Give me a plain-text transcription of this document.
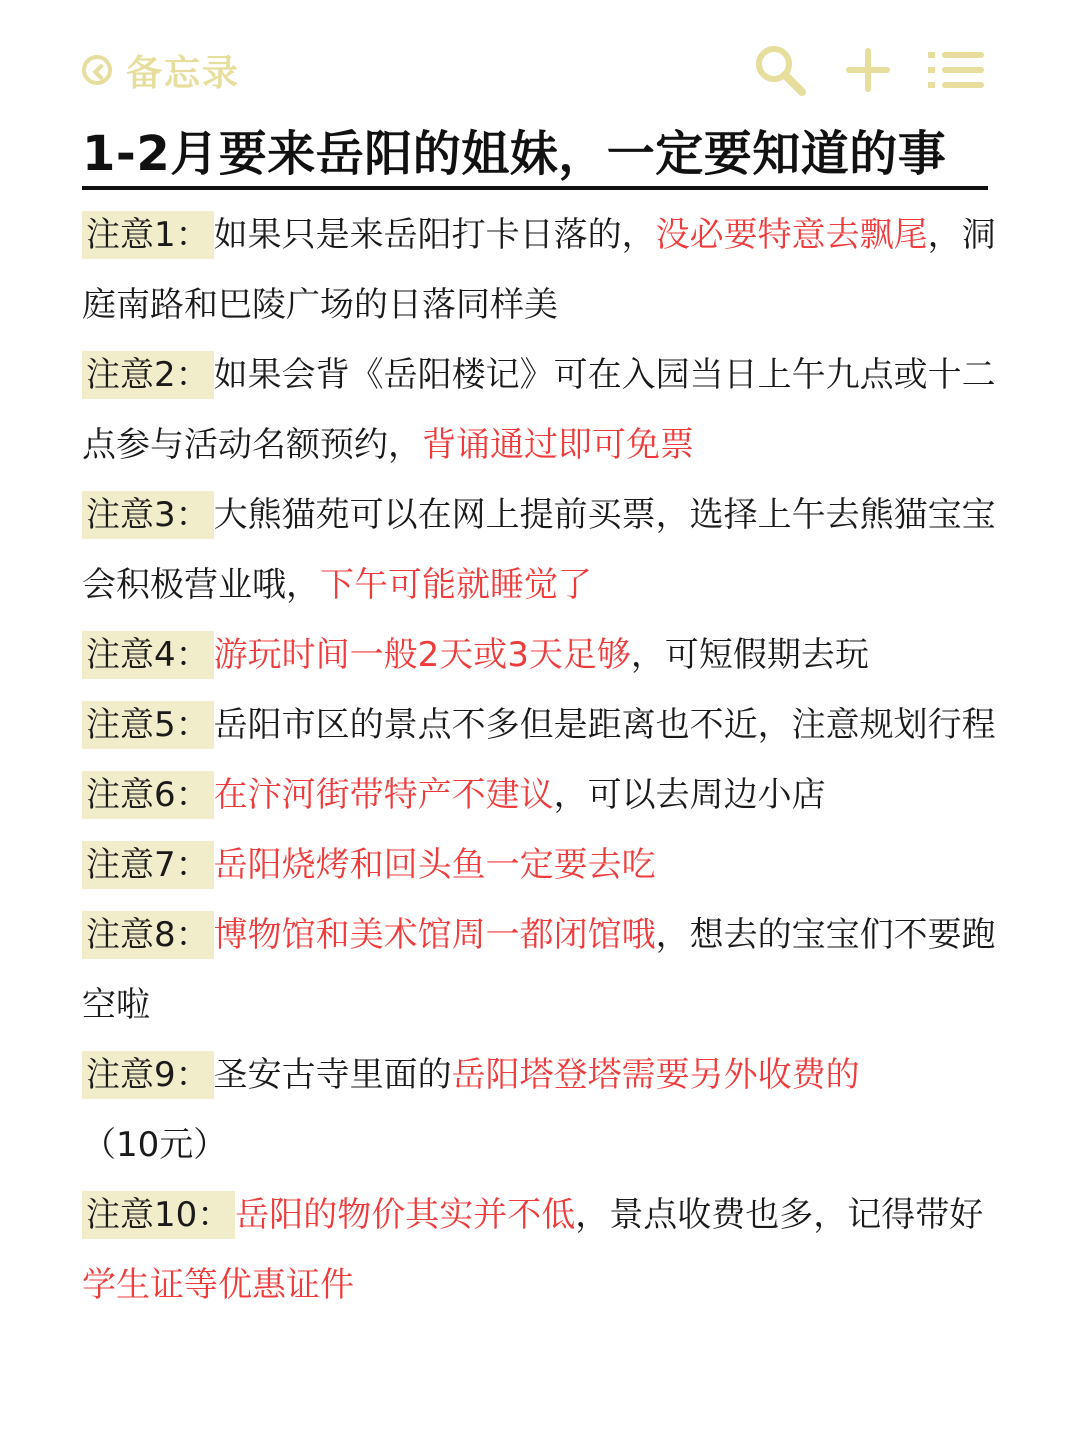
备忘录
1-2月要来岳阳的姐妹，一定要知道的事
注意1： 如果只是来岳阳打卡日落的，没必要特意去飘尾，洞庭南路和巴陵广场的日落同样美
注意2： 如果会背《岳阳楼记》可在入园当日上午九点或十二点参与活动名额预约，背诵通过即可免票
注意3： 大熊猫苑可以在网上提前买票，选择上午去熊猫宝宝会积极营业哦，下午可能就睡觉了
注意4： 游玩时间一般2天或3天足够，可短假期去玩
注意5： 岳阳市区的景点不多但是距离也不近，注意规划行程
注意6： 在汴河街带特产不建议，可以去周边小店
注意7： 岳阳烧烤和回头鱼一定要去吃
注意8： 博物馆和美术馆周一都闭馆哦，想去的宝宝们不要跑空啦
注意9： 圣安古寺里面的岳阳塔登塔需要另外收费的（10元）
注意10： 岳阳的物价其实并不低，景点收费也多，记得带好学生证等优惠证件
